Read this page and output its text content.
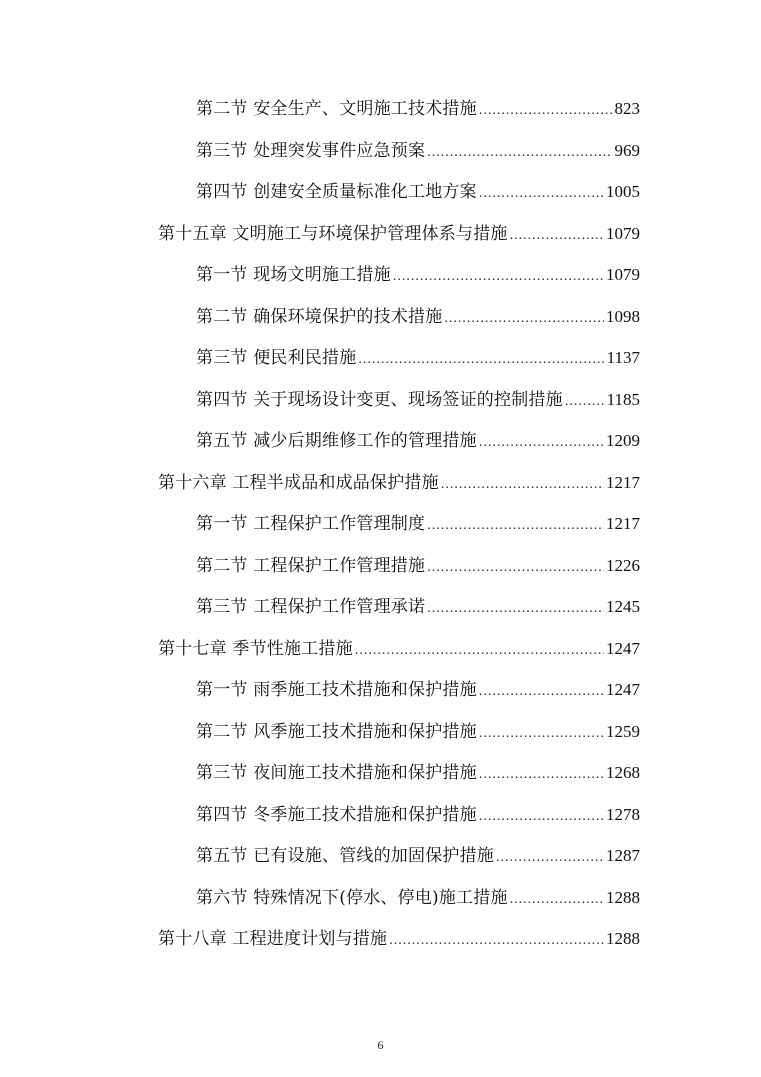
第二节 安全生产、文明施工技术措施 .....	823
第三节 处理突发事件应急预案 .....	969
第四节 创建安全质量标准化工地方案 .....	1005
第十五章 文明施工与环境保护管理体系与措施 .....	1079
第一节 现场文明施工措施 .....	1079
第二节 确保环境保护的技术措施 .....	1098
第三节 便民利民措施 .....	1137
第四节 关于现场设计变更、现场签证的控制措施 .....	1185
第五节 减少后期维修工作的管理措施 .....	1209
第十六章 工程半成品和成品保护措施 .....	1217
第一节 工程保护工作管理制度 .....	1217
第二节 工程保护工作管理措施 .....	1226
第三节 工程保护工作管理承诺 .....	1245
第十七章 季节性施工措施 .....	1247
第一节 雨季施工技术措施和保护措施 .....	1247
第二节 风季施工技术措施和保护措施 .....	1259
第三节 夜间施工技术措施和保护措施 .....	1268
第四节 冬季施工技术措施和保护措施 .....	1278
第五节 已有设施、管线的加固保护措施 .....	1287
第六节 特殊情况下(停水、停电)施工措施 .....	1288
第十八章 工程进度计划与措施 .....	1288
6
